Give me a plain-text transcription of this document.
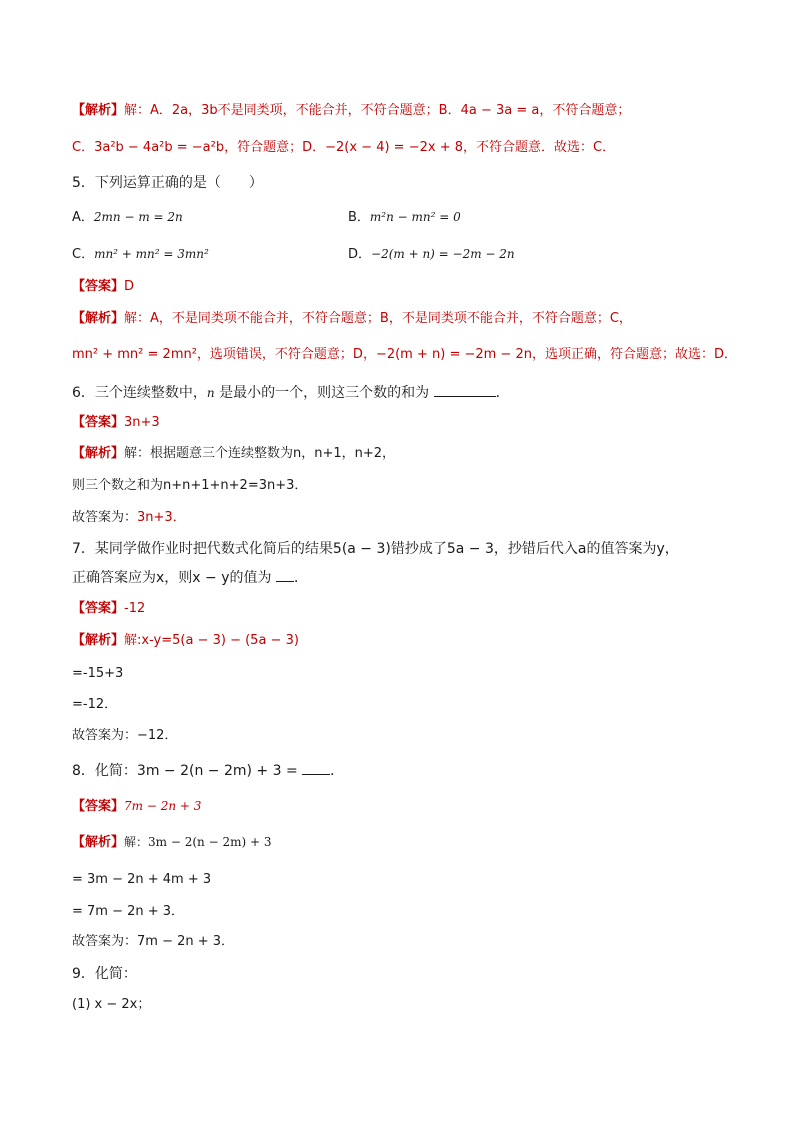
【解析】解：A．2a，3b不是同类项，不能合并，不符合题意；B．4a − 3a = a，不符合题意；
C．3a²b − 4a²b = −a²b，符合题意；D．−2(x − 4) = −2x + 8，不符合题意．故选：C．
5．下列运算正确的是（　　）
A．2mn − m = 2n	B．m²n − mn² = 0
C．mn² + mn² = 3mn²	D．−2(m + n) = −2m − 2n
【答案】D
【解析】解：A，不是同类项不能合并，不符合题意；B，不是同类项不能合并，不符合题意；C，
mn² + mn² = 2mn²，选项错误，不符合题意；D，−2(m + n) = −2m − 2n，选项正确，符合题意；故选：D．
6．三个连续整数中，n 是最小的一个，则这三个数的和为	．
【答案】3n+3
【解析】解：根据题意三个连续整数为n，n+1，n+2，
则三个数之和为n+n+1+n+2=3n+3．
故答案为：3n+3．
7．某同学做作业时把代数式化简后的结果5(a − 3)错抄成了5a − 3，抄错后代入a的值答案为y，
正确答案应为x，则x − y的值为 ．
【答案】-12
【解析】解:x-y=5(a − 3) − (5a − 3)
=-15+3
=-12．
故答案为：−12．
8．化简：3m − 2(n − 2m) + 3 = ．
【答案】7m − 2n + 3
【解析】解：3m − 2(n − 2m) + 3
= 3m − 2n + 4m + 3
= 7m − 2n + 3．
故答案为：7m − 2n + 3．
9．化简：
(1) x − 2x；
